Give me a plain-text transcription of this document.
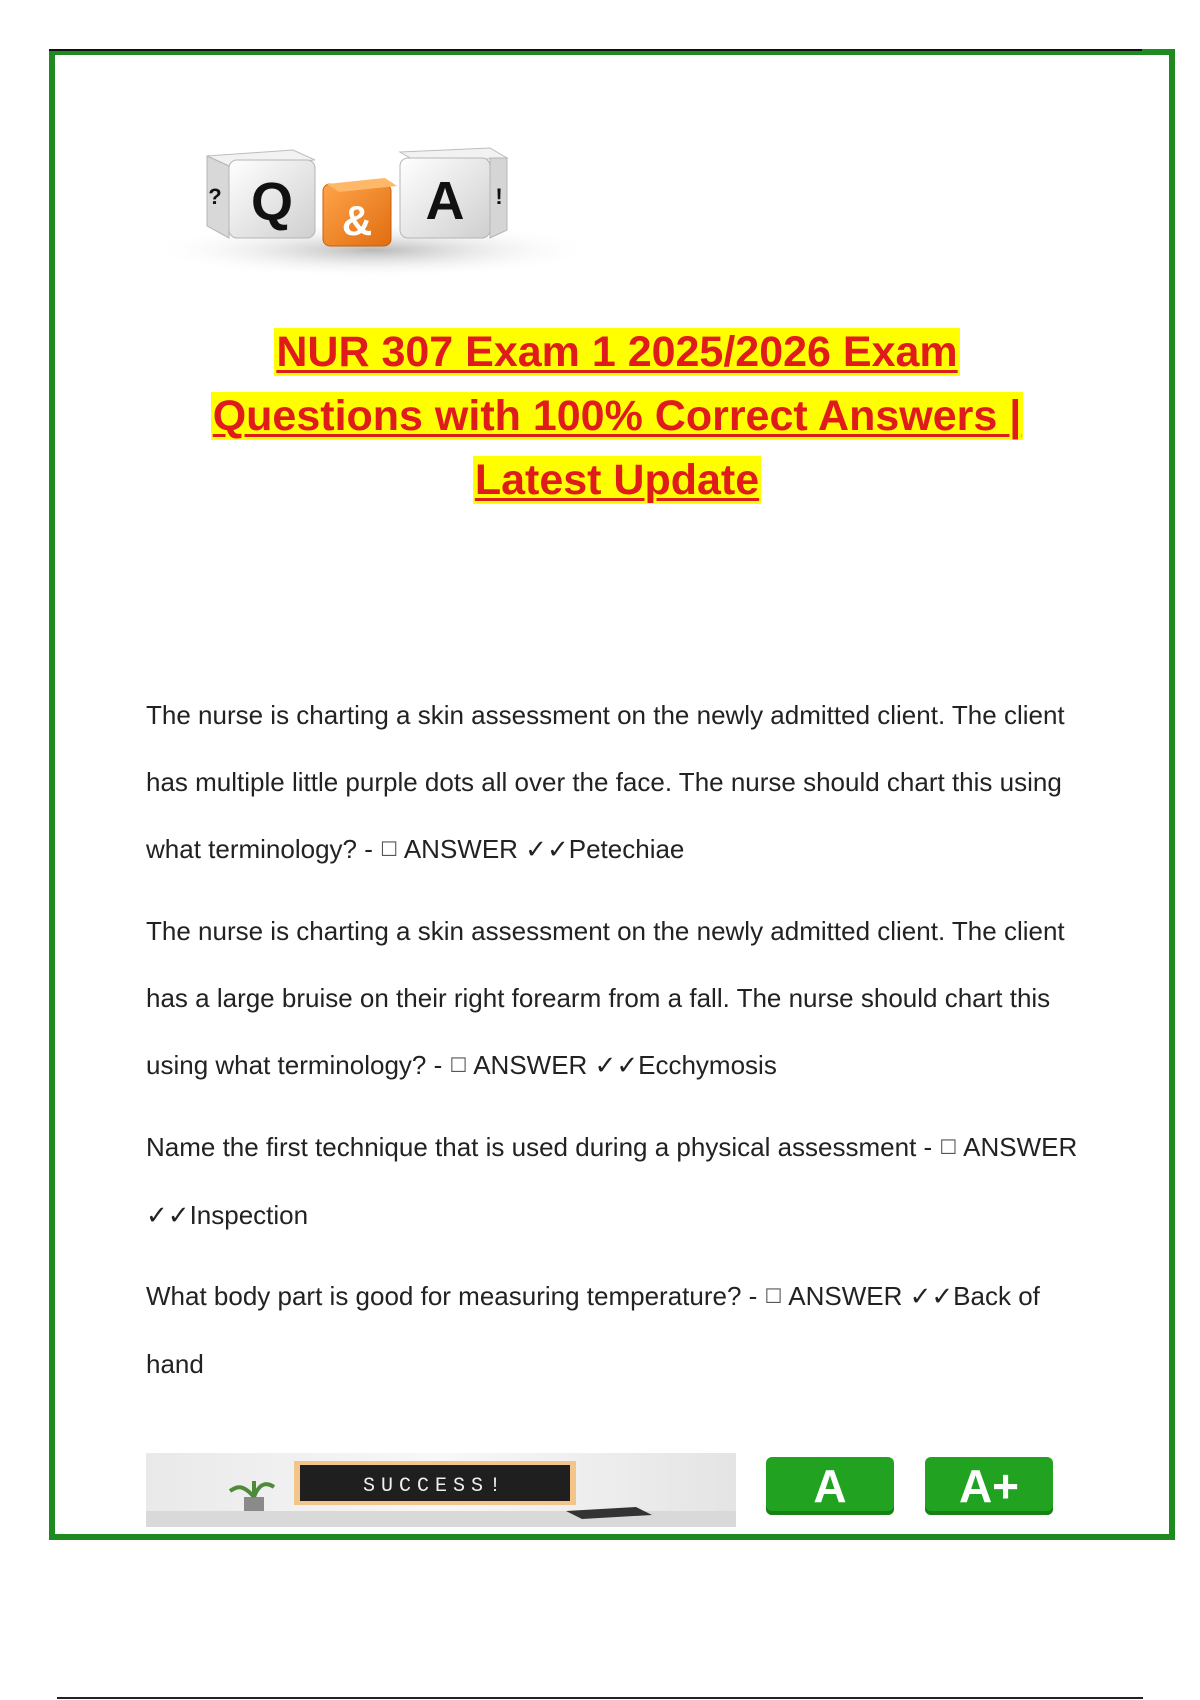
Q
?
& A !
NUR 307 Exam 1 2025/2026 Exam
Questions with 100% Correct Answers |
Latest Update

The nurse is charting a skin assessment on the newly admitted client. The client has multiple little purple dots all over the face. The nurse should chart this using what terminology? - ☐ ANSWER ✓✓Petechiae

The nurse is charting a skin assessment on the newly admitted client. The client has a large bruise on their right forearm from a fall. The nurse should chart this using what terminology? - ☐ ANSWER ✓✓Ecchymosis

Name the first technique that is used during a physical assessment - ☐ ANSWER ✓✓Inspection

What body part is good for measuring temperature? - ☐ ANSWER ✓✓Back of hand

SUCCESS!	A	A+
